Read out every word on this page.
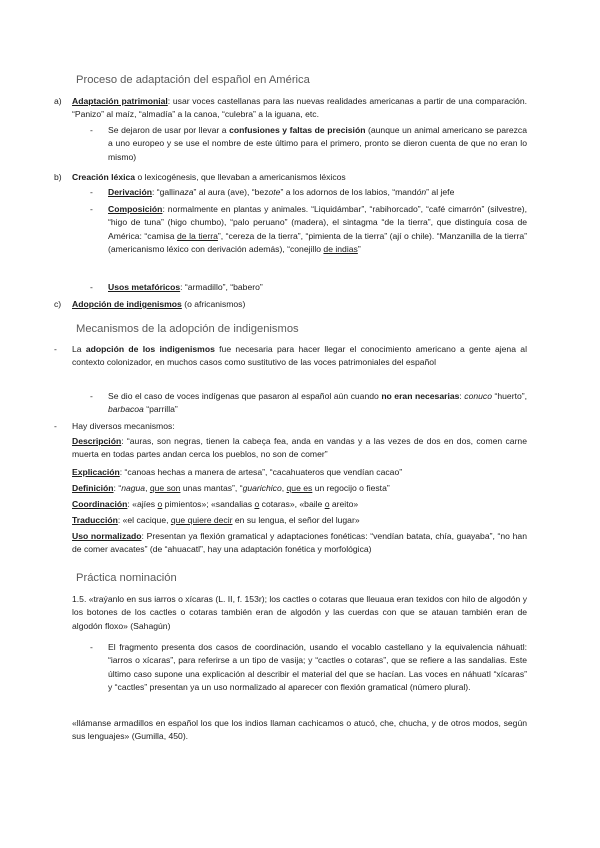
Proceso de adaptación del español en América
a) Adaptación patrimonial: usar voces castellanas para las nuevas realidades americanas a partir de una comparación. “Panizo” al maíz, “almadía” a la canoa, “culebra” a la iguana, etc.
- Se dejaron de usar por llevar a confusiones y faltas de precisión (aunque un animal americano se parezca a uno europeo y se use el nombre de este último para el primero, pronto se dieron cuenta de que no eran lo mismo)
b) Creación léxica o lexicogénesis, que llevaban a americanismos léxicos
- Derivación: “gallinaza” al aura (ave), “bezote” a los adornos de los labios, “mandón” al jefe
- Composición: normalmente en plantas y animales. “Liquidámbar”, “rabihorcado”, “café cimarrón” (silvestre), “higo de tuna” (higo chumbo), “palo peruano” (madera), el sintagma “de la tierra”, que distinguía cosa de América: “camisa de la tierra”, “cereza de la tierra”, “pimienta de la tierra” (ají o chile). “Manzanilla de la tierra” (americanismo léxico con derivación además), “conejillo de indias”
- Usos metafóricos: “armadillo”, “babero”
c) Adopción de indigenismos (o africanismos)
Mecanismos de la adopción de indigenismos
- La adopción de los indigenismos fue necesaria para hacer llegar el conocimiento americano a gente ajena al contexto colonizador, en muchos casos como sustitutivo de las voces patrimoniales del español
- Se dio el caso de voces indígenas que pasaron al español aún cuando no eran necesarias: conuco “huerto”, barbacoa “parrilla”
- Hay diversos mecanismos:
Descripción: “auras, son negras, tienen la cabeça fea, anda en vandas y a las vezes de dos en dos, comen carne muerta en todas partes andan cerca los pueblos, no son de comer”
Explicación: “canoas hechas a manera de artesa”, “cacahuateros que vendían cacao”
Definición: “nagua, que son unas mantas”, “guarichico, que es un regocijo o fiesta”
Coordinación: «ajíes o pimientos»; «sandalias o cotaras», «baile o areito»
Traducción: «el cacique, que quiere decir en su lengua, el señor del lugar»
Uso normalizado: Presentan ya flexión gramatical y adaptaciones fonéticas: “vendían batata, chía, guayaba”, “no han de comer avacates” (de “ahuacatl”, hay una adaptación fonética y morfológica)
Práctica nominación
1.5. «traýanlo en sus iarros o xícaras (L. II, f. 153r); los cactles o cotaras que lleuaua eran texidos con hilo de algodón y los botones de los cactles o cotaras también eran de algodón y las cuerdas con que se atauan también eran de algodón floxo» (Sahagún)
- El fragmento presenta dos casos de coordinación, usando el vocablo castellano y la equivalencia náhuatl: “iarros o xícaras”, para referirse a un tipo de vasija; y “cactles o cotaras”, que se refiere a las sandalias. Este último caso supone una explicación al describir el material del que se hacían. Las voces en náhuatl “xícaras” y “cactles” presentan ya un uso normalizado al aparecer con flexión gramatical (número plural).
«llámanse armadillos en español los que los indios llaman cachicamos o atucó, che, chucha, y de otros modos, según sus lenguajes» (Gumilla, 450).
